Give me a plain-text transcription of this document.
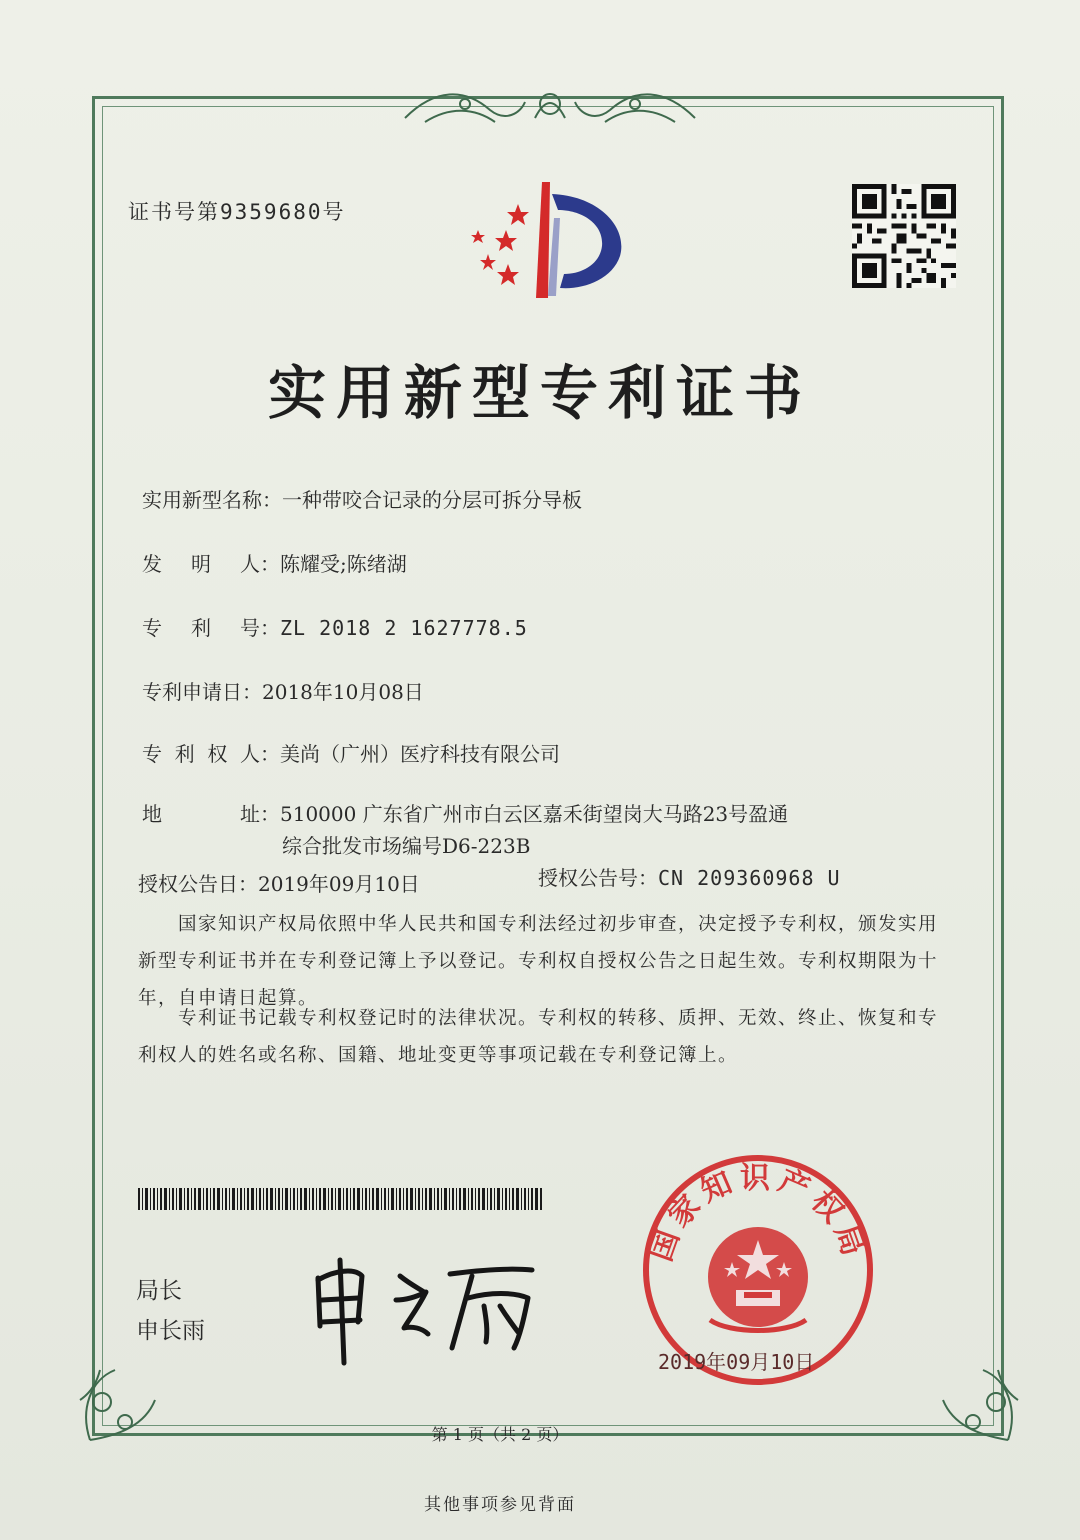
证书号第9359680号
实用新型专利证书
实用新型名称：一种带咬合记录的分层可拆分导板
发明人：陈耀受;陈绪湖
专利号：ZL 2018 2 1627778.5
专利申请日：2018年10月08日
专利权人：美尚（广州）医疗科技有限公司
地址：510000 广东省广州市白云区嘉禾街望岗大马路23号盈通
综合批发市场编号D6-223B
授权公告日：2019年09月10日	授权公告号：CN 209360968 U
国家知识产权局依照中华人民共和国专利法经过初步审查，决定授予专利权，颁发实用
新型专利证书并在专利登记簿上予以登记。专利权自授权公告之日起生效。专利权期限为十
年，自申请日起算。
专利证书记载专利权登记时的法律状况。专利权的转移、质押、无效、终止、恢复和专
利权人的姓名或名称、国籍、地址变更等事项记载在专利登记簿上。
局长
申长雨
国家知识产权局
2019年09月10日
第 1 页（共 2 页）
其他事项参见背面
